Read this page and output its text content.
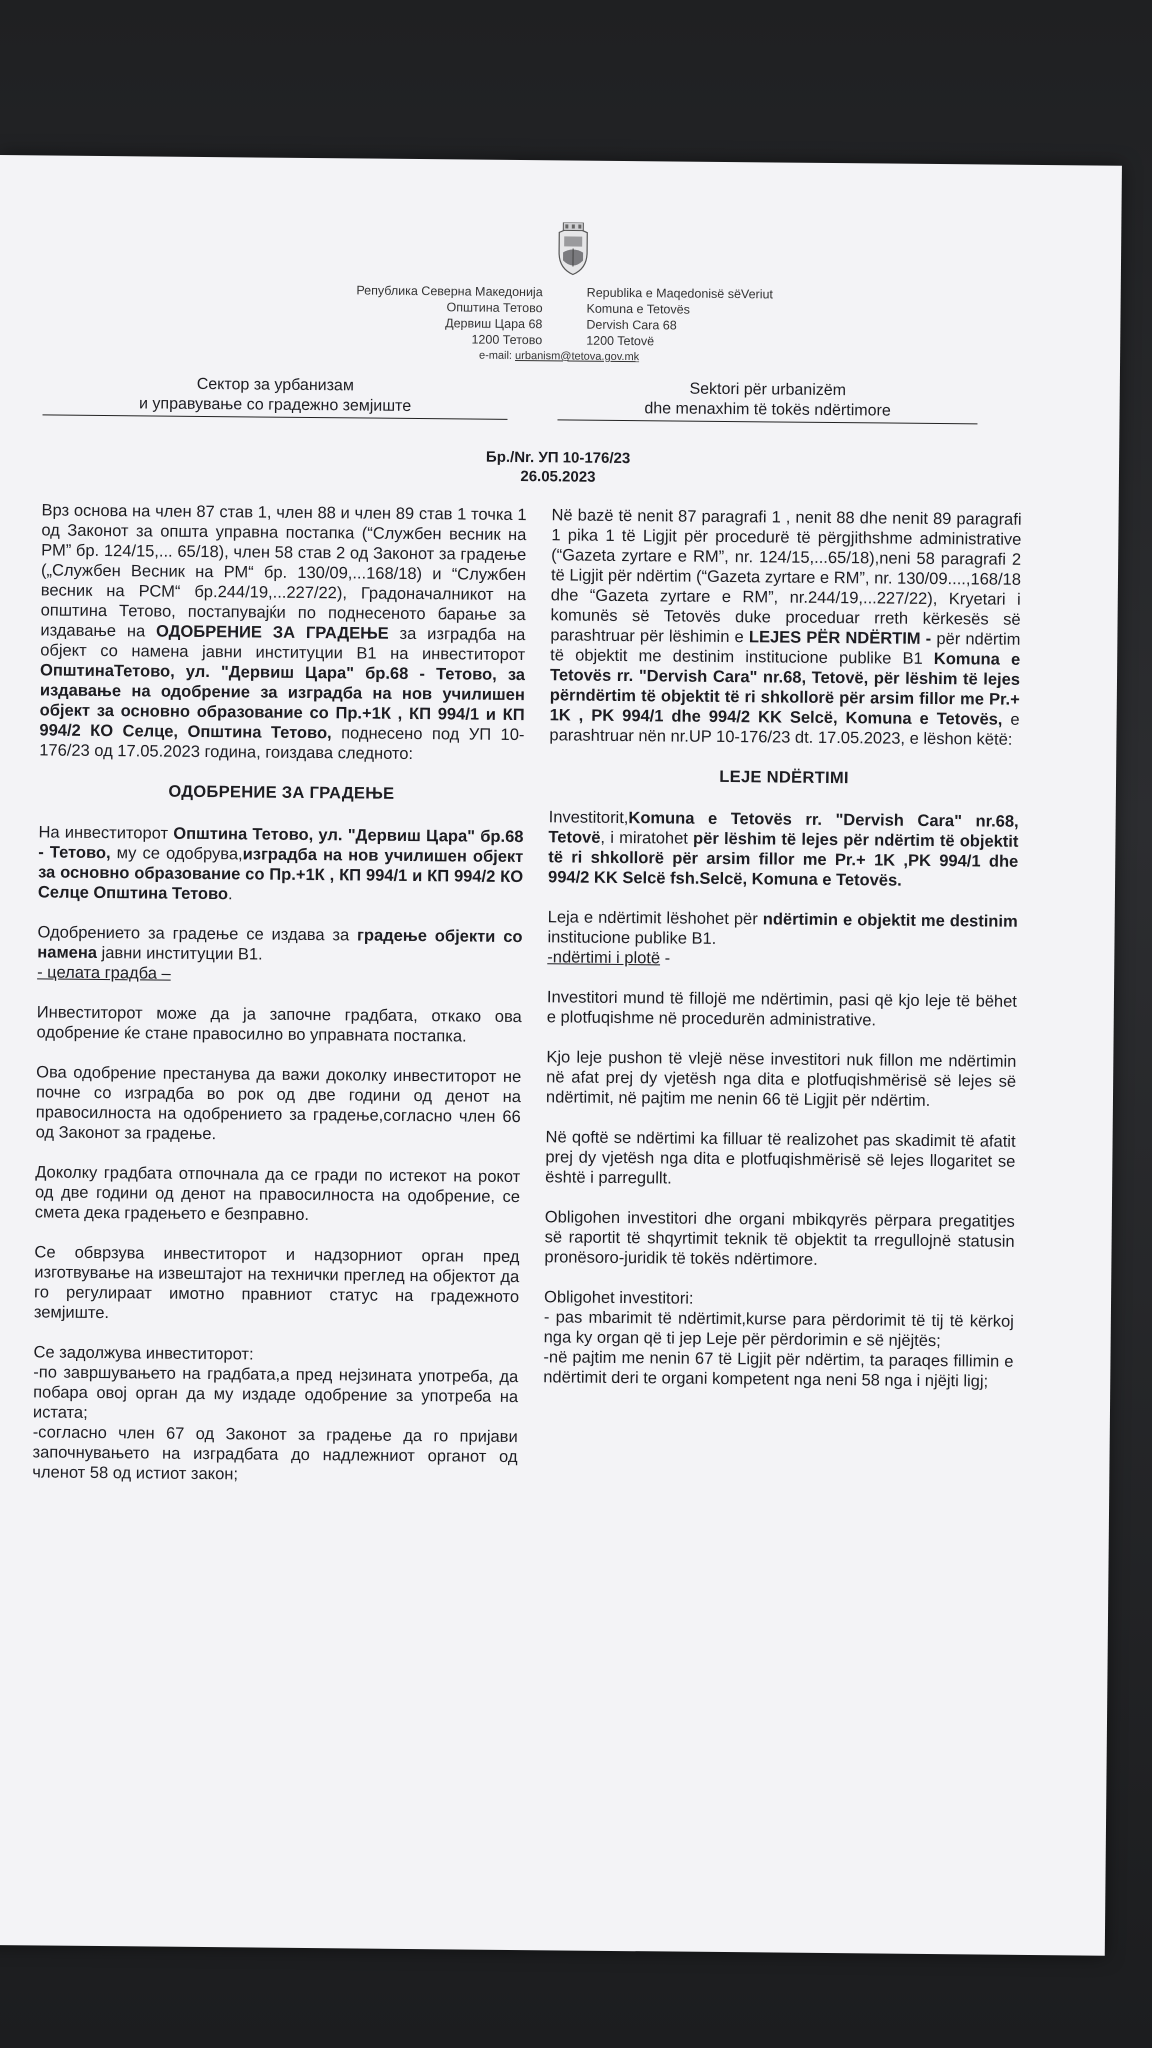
Република Северна Македонија
Општина Тетово
Дервиш Цара 68
1200 Тетово
Republika e Maqedonisë sëVeriut
Komuna e Tetovës
Dervish Cara 68
1200 Tetovë
e-mail: urbanism@tetova.gov.mk
Сектор за урбанизам
и управување со градежно земјиште
Sektori për urbanizëm
dhe menaxhim të tokës ndërtimore
Бр./Nr. УП 10-176/23
26.05.2023

Врз основа на член 87 став 1, член 88 и член 89 став 1 точка 1 од Законот за општа управна постапка (“Службен весник на РМ” бр. 124/15,... 65/18), член 58 став 2 од Законот за градење („Службен Весник на РМ“ бр. 130/09,...168/18) и “Службен весник на РСМ“ бр.244/19,...227/22), Градоначалникот на општина Тетово, постапувајќи по поднесеното барање за издавање на ОДОБРЕНИЕ ЗА ГРАДЕЊЕ за изградба на објект со намена јавни институции В1 на инвеститорот ОпштинаТетово, ул. "Дервиш Цара" бр.68 - Тетово, за издавање на одобрение за изградба на нов училишен објект за основно образование со Пр.+1К , КП 994/1 и КП 994/2 КО Селце, Општина Тетово, поднесено под УП 10-176/23 од 17.05.2023 година, гоиздава следното:

ОДОБРЕНИЕ ЗА ГРАДЕЊЕ

На инвеститорот Општина Тетово, ул. "Дервиш Цара" бр.68 - Тетово, му се одобрува,изградба на нов училишен објект за основно образование со Пр.+1К , КП 994/1 и КП 994/2 КО Селце Општина Тетово.

Одобрението за градење се издава за градење објекти со намена јавни институции В1.
- целата градба –

Инвеститорот може да ја започне градбата, откако ова одобрение ќе стане правосилно во управната постапка.

Ова одобрение престанува да важи доколку инвеститорот не почне со изградба во рок од две години од денот на правосилноста на одобрението за градење,согласно член 66 од Законот за градење.

Доколку градбата отпочнала да се гради по истекот на рокот од две години од денот на правосилноста на одобрение, се смета дека градењето е безправно.

Се обврзува инвеститорот и надзорниот орган пред изготвување на извештајот на технички преглед на објектот да го регулираат имотно правниот статус на градежното земјиште.

Се задолжува инвеститорот:

-по завршувањето на градбата,а пред нејзината употреба, да побара овој орган да му издаде одобрение за употреба на истата;

-согласно член 67 од Законот за градење да го пријави започнувањето на изградбата до надлежниот органот од членот 58 од истиот закон;

Në bazë të nenit 87 paragrafi 1 , nenit 88 dhe nenit 89 paragrafi 1 pika 1 të Ligjit për procedurë të përgjithshme administrative (“Gazeta zyrtare e RM”, nr. 124/15,...65/18),neni 58 paragrafi 2 të Ligjit për ndërtim (“Gazeta zyrtare e RM”, nr. 130/09....,168/18 dhe “Gazeta zyrtare e RM”, nr.244/19,...227/22), Kryetari i komunës së Tetovës duke proceduar rreth kërkesës së parashtruar për lëshimin e LEJES PËR NDËRTIM - për ndërtim të objektit me destinim institucione publike B1 Komuna e Tetovës rr. "Dervish Cara" nr.68, Tetovë, për lëshim të lejes përndërtim të objektit të ri shkollorë për arsim fillor me Pr.+ 1K , PK 994/1 dhe 994/2 KK Selcë, Komuna e Tetovës, e parashtruar nën nr.UP 10-176/23 dt. 17.05.2023, e lëshon këtë:

LEJE NDËRTIMI

Investitorit,Komuna e Tetovës rr. "Dervish Cara" nr.68, Tetovë, i miratohet për lëshim të lejes për ndërtim të objektit të ri shkollorë për arsim fillor me Pr.+ 1K ,PK 994/1 dhe 994/2 KK Selcë fsh.Selcë, Komuna e Tetovës.

Leja e ndërtimit lëshohet për ndërtimin e objektit me destinim institucione publike B1.
-ndërtimi i plotë -

Investitori mund të fillojë me ndërtimin, pasi që kjo leje të bëhet e plotfuqishme në procedurën administrative.

Kjo leje pushon të vlejë nëse investitori nuk fillon me ndërtimin në afat prej dy vjetësh nga dita e plotfuqishmërisë së lejes së ndërtimit, në pajtim me nenin 66 të Ligjit për ndërtim.

Në qoftë se ndërtimi ka filluar të realizohet pas skadimit të afatit prej dy vjetësh nga dita e plotfuqishmërisë së lejes llogaritet se është i parregullt.

Obligohen investitori dhe organi mbikqyrës përpara pregatitjes së raportit të shqyrtimit teknik të objektit ta rregullojnë statusin pronësoro-juridik të tokës ndërtimore.

Obligohet investitori:

- pas mbarimit të ndërtimit,kurse para përdorimit të tij të kërkoj nga ky organ që ti jep Leje për përdorimin e së njëjtës;

-në pajtim me nenin 67 të Ligjit për ndërtim, ta paraqes fillimin e ndërtimit deri te organi kompetent nga neni 58 nga i njëjti ligj;
